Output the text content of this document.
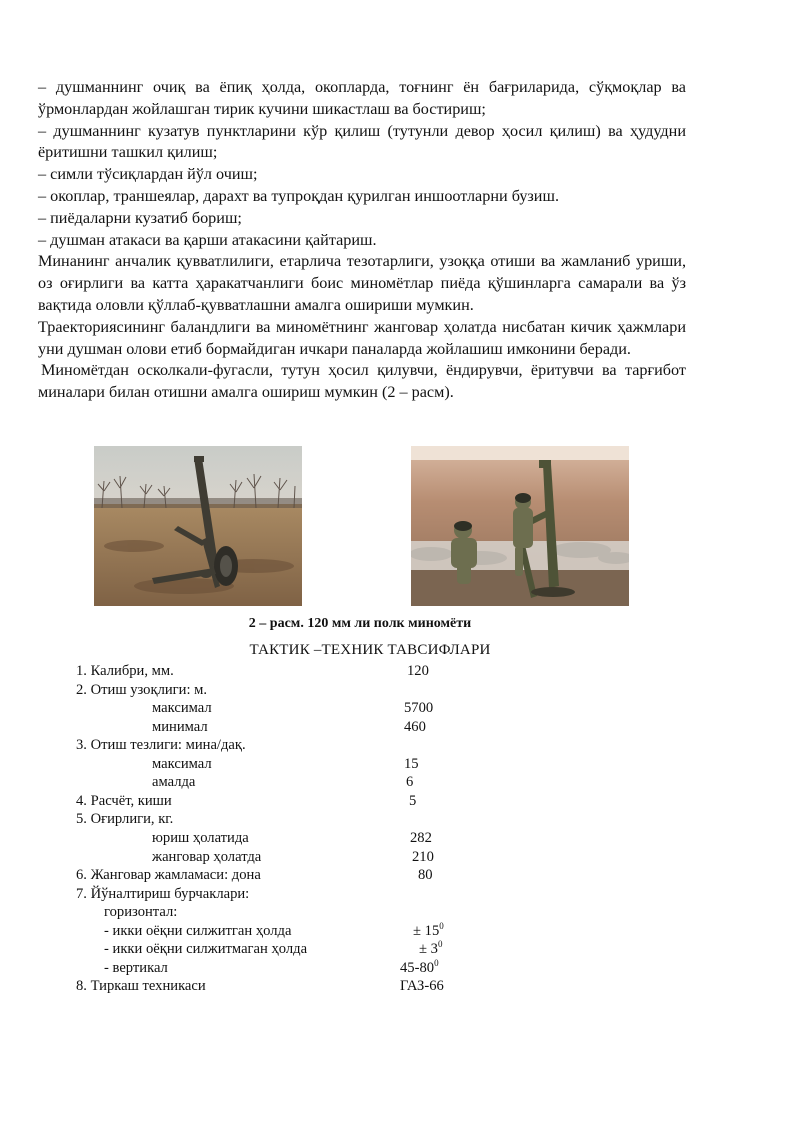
– душманнинг очиқ ва ёпиқ ҳолда, окопларда, тоғнинг ён бағриларида, сўқмоқлар ва ўрмонлардан жойлашган тирик кучини шикастлаш ва бостириш;

– душманнинг кузатув пунктларини кўр қилиш (тутунли девор ҳосил қилиш) ва ҳудудни ёритишни ташкил қилиш;

– симли тўсиқлардан йўл очиш;

– окоплар, траншеялар, дарахт ва тупроқдан қурилган иншоотларни бузиш.

– пиёдаларни кузатиб бориш;

– душман атакаси ва қарши атакасини қайтариш.

Минанинг анчалик қувватлилиги, етарлича тезотарлиги, узоққа отиши ва жамланиб уриши, оз оғирлиги ва катта ҳаракатчанлиги боис миномётлар пиёда қўшинларга самарали ва ўз вақтида оловли қўллаб-қувватлашни амалга ошириши мумкин.

Траекториясининг баландлиги ва миномётнинг жанговар ҳолатда нисбатан кичик ҳажмлари уни душман олови етиб бормайдиган ичкари паналарда жойлашиш имконини беради.

Миномётдан осколкали-фугасли, тутун ҳосил қилувчи, ёндирувчи, ёритувчи ва тарғибот миналари билан отишни амалга ошириш мумкин (2 – расм).

2 – расм. 120 мм ли полк миномёти
ТАКТИК –ТЕХНИК ТАВСИФЛАРИ
1. Калибри, мм.	120
2. Отиш узоқлиги: м.
максимал	5700
минимал	460
3. Отиш тезлиги: мина/дақ.
максимал	15
амалда	6
4. Расчёт, киши	5
5. Оғирлиги, кг.
юриш ҳолатида	282
жанговар ҳолатда	210
6. Жанговар жамламаси: дона	80
7. Йўналтириш бурчаклари:
горизонтал:
- икки оёқни силжитган ҳолда	± $15^0$
- икки оёқни силжитмаган ҳолда	± $3^0$
- вертикал	$45-80^0$
8. Тиркаш техникаси	ГАЗ-66
